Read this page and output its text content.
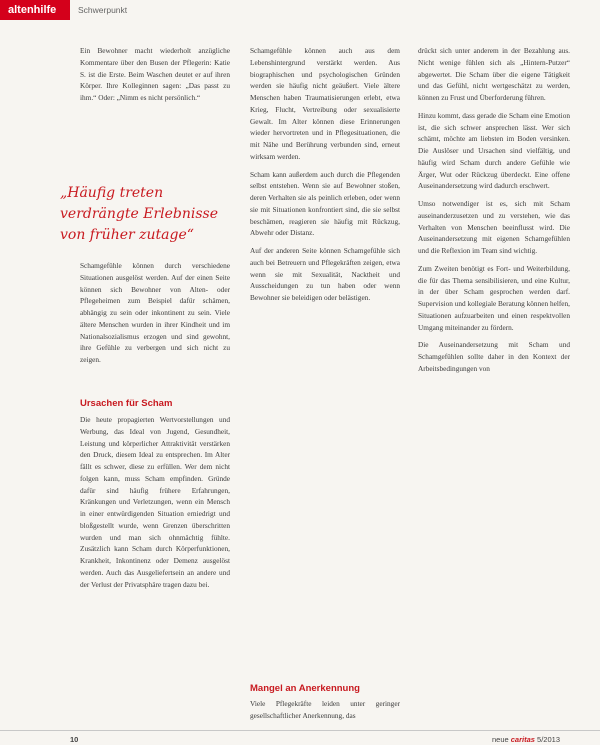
altenhilfe	Schwerpunkt
„Häufig treten verdrängte Erlebnisse von früher zutage“

Ein Bewohner macht wiederholt anzügliche Kommentare über den Busen der Pflegerin: Katie S. ist die Erste. Beim Waschen deutet er auf ihren Körper. Ihre Kolleginnen sagen: „Das passt zu ihm.“ Oder: „Nimm es nicht persönlich.“

Schamgefühle können durch verschiedene Situationen ausgelöst werden. Auf der einen Seite können sich Bewohner von Alten- oder Pflegeheimen zum Beispiel dafür schämen, abhängig zu sein oder inkontinent zu sein. Viele ältere Menschen wurden in ihrer Kindheit und im Nationalsozialismus erzogen und sind gewohnt, ihre Gefühle zu verbergen und sich nicht zu zeigen.

Ursachen für Scham

Die heute propagierten Wertvorstellungen und Werbung, das Ideal von Jugend, Gesundheit, Leistung und körperlicher Attraktivität verstärken den Druck, diesem Ideal zu entsprechen. Im Alter fällt es schwer, diese zu erfüllen. Wer dem nicht folgen kann, muss Scham empfinden. Gründe dafür sind häufig frühere Erfahrungen, Kränkungen und Verletzungen, wenn ein Mensch in einer entwürdigenden Situation erniedrigt und bloßgestellt wurde, wenn Grenzen überschritten wurden und man sich ohnmächtig fühlte. Zusätzlich kann Scham durch Körperfunktionen, Krankheit, Inkontinenz oder Demenz ausgelöst werden. Auch das Ausgeliefertsein an andere und der Verlust der Privatsphäre tragen dazu bei.

Schamgefühle können auch aus dem Lebenshintergrund verstärkt werden. Aus biographischen und psychologischen Gründen werden sie häufig nicht geäußert. Viele ältere Menschen haben Traumatisierungen erlebt, etwa Krieg, Flucht, Vertreibung oder sexualisierte Gewalt. Im Alter können diese Erinnerungen wieder hervortreten und in Pflegesituationen, die mit Nähe und Berührung verbunden sind, erneut wirksam werden.

Scham kann außerdem auch durch die Pflegenden selbst entstehen. Wenn sie auf Bewohner stoßen, deren Verhalten sie als peinlich erleben, oder wenn sie mit Situationen konfrontiert sind, die sie selbst beschämen, reagieren sie häufig mit Rückzug, Abwehr oder Distanz.

Auf der anderen Seite können Schamgefühle sich auch bei Betreuern und Pflegekräften zeigen, etwa wenn sie mit Sexualität, Nacktheit und Ausscheidungen zu tun haben oder wenn Bewohner sie beleidigen oder belästigen.

Mangel an Anerkennung

Viele Pflegekräfte leiden unter geringer gesellschaftlicher Anerkennung, das

drückt sich unter anderem in der Bezahlung aus. Nicht wenige fühlen sich als „Hintern-Putzer“ abgewertet. Die Scham über die eigene Tätigkeit und das Gefühl, nicht wertgeschätzt zu werden, können zu Frust und Überforderung führen.

Hinzu kommt, dass gerade die Scham eine Emotion ist, die sich schwer ansprechen lässt. Wer sich schämt, möchte am liebsten im Boden versinken. Die Auslöser und Ursachen sind vielfältig, und häufig wird Scham durch andere Gefühle wie Ärger, Wut oder Rückzug überdeckt. Eine offene Auseinandersetzung wird dadurch erschwert.

Umso notwendiger ist es, sich mit Scham auseinanderzusetzen und zu verstehen, wie das Verhalten von Menschen beeinflusst wird. Die Auseinandersetzung mit eigenen Schamgefühlen und die Reflexion im Team sind wichtig.

Zum Zweiten benötigt es Fort- und Weiterbildung, die für das Thema sensibilisieren, und eine Kultur, in der über Scham gesprochen werden darf. Supervision und kollegiale Beratung können helfen, Situationen aufzuarbeiten und einen respektvollen Umgang miteinander zu fördern.

Die Auseinandersetzung mit Scham und Schamgefühlen sollte daher in den Kontext der Arbeitsbedingungen von

10	neue caritas 5/2013
